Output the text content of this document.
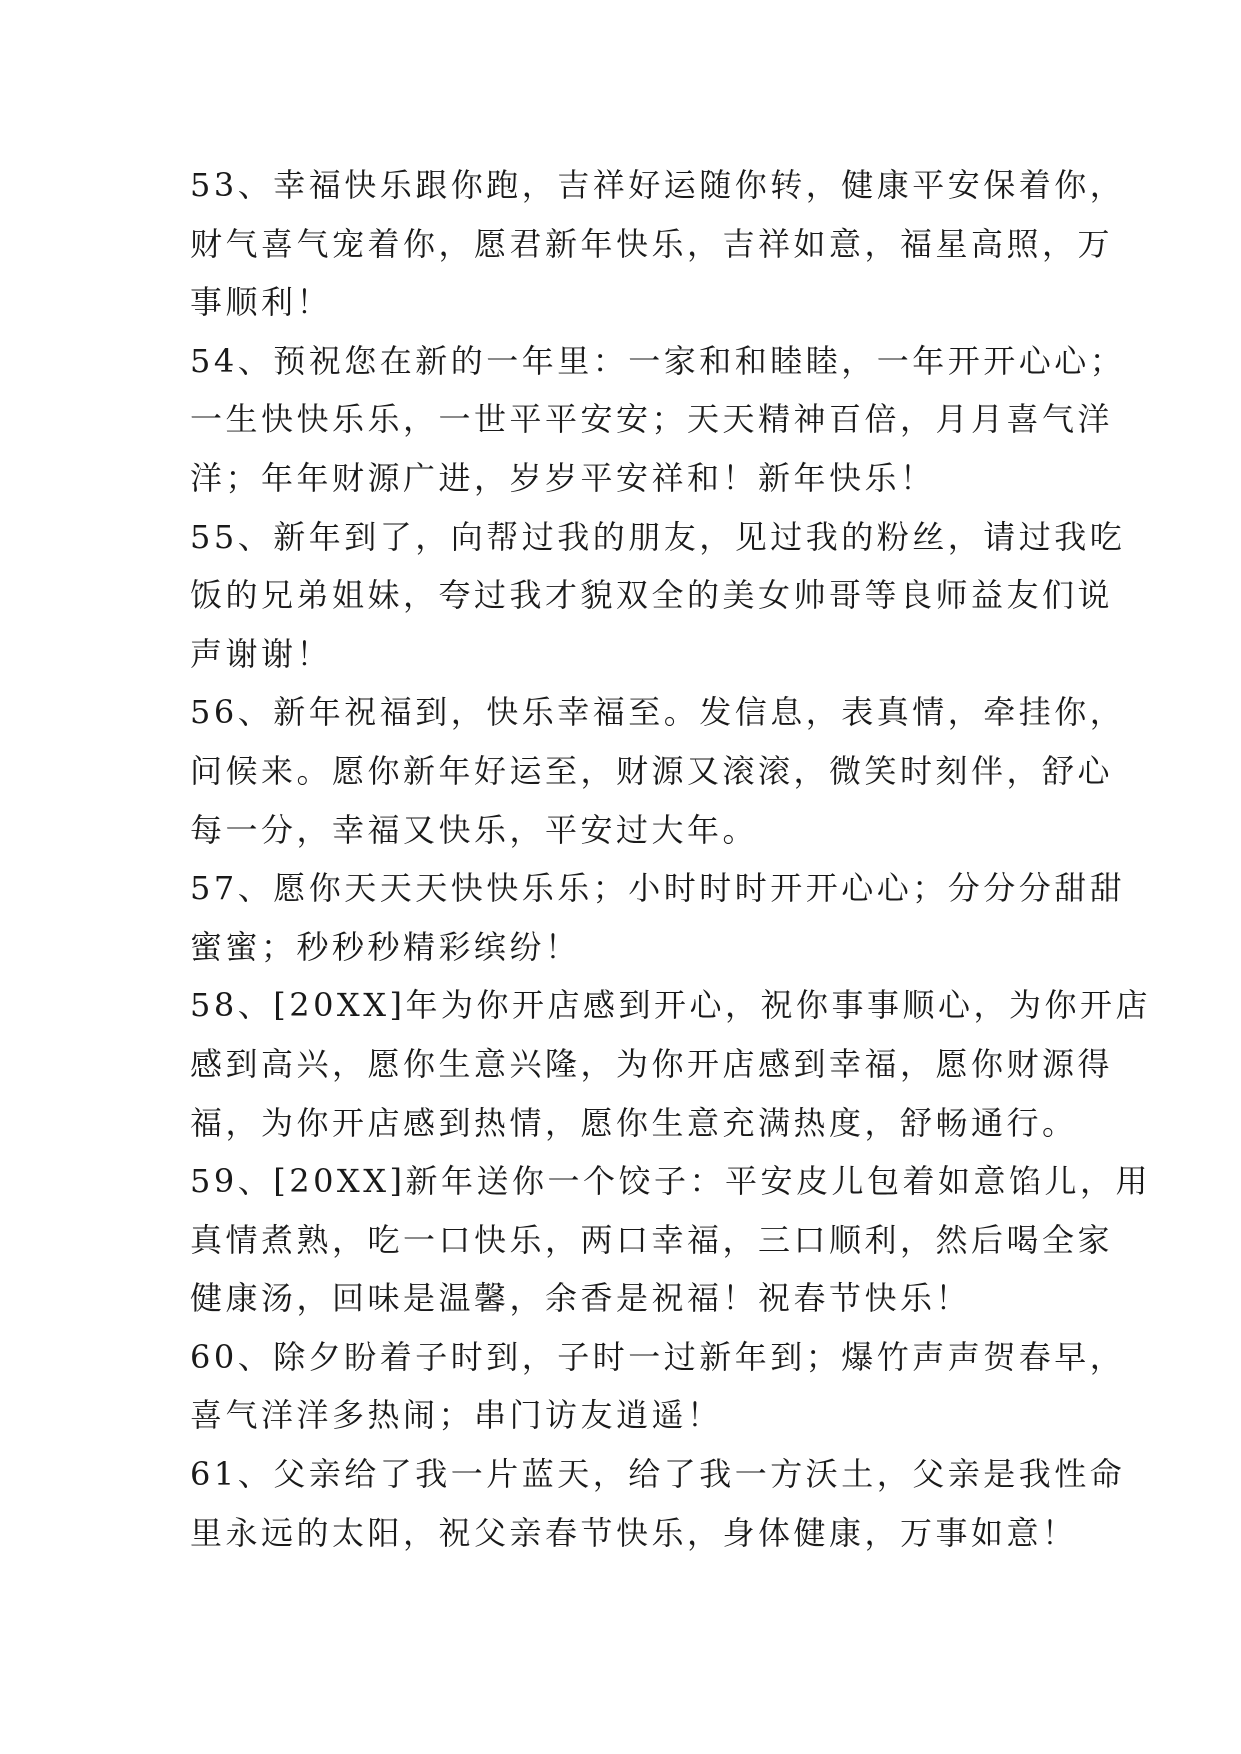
53、幸福快乐跟你跑，吉祥好运随你转，健康平安保着你，
财气喜气宠着你，愿君新年快乐，吉祥如意，福星高照，万
事顺利！
54、预祝您在新的一年里：一家和和睦睦，一年开开心心；
一生快快乐乐，一世平平安安；天天精神百倍，月月喜气洋
洋；年年财源广进，岁岁平安祥和！新年快乐！
55、新年到了，向帮过我的朋友，见过我的粉丝，请过我吃
饭的兄弟姐妹，夸过我才貌双全的美女帅哥等良师益友们说
声谢谢！
56、新年祝福到，快乐幸福至。发信息，表真情，牵挂你，
问候来。愿你新年好运至，财源又滚滚，微笑时刻伴，舒心
每一分，幸福又快乐，平安过大年。
57、愿你天天天快快乐乐；小时时时开开心心；分分分甜甜
蜜蜜；秒秒秒精彩缤纷！
58、[20XX]年为你开店感到开心，祝你事事顺心，为你开店
感到高兴，愿你生意兴隆，为你开店感到幸福，愿你财源得
福，为你开店感到热情，愿你生意充满热度，舒畅通行。
59、[20XX]新年送你一个饺子：平安皮儿包着如意馅儿，用
真情煮熟，吃一口快乐，两口幸福，三口顺利，然后喝全家
健康汤，回味是温馨，余香是祝福！祝春节快乐！
60、除夕盼着子时到，子时一过新年到；爆竹声声贺春早，
喜气洋洋多热闹；串门访友逍遥！
61、父亲给了我一片蓝天，给了我一方沃土，父亲是我性命
里永远的太阳，祝父亲春节快乐，身体健康，万事如意！
